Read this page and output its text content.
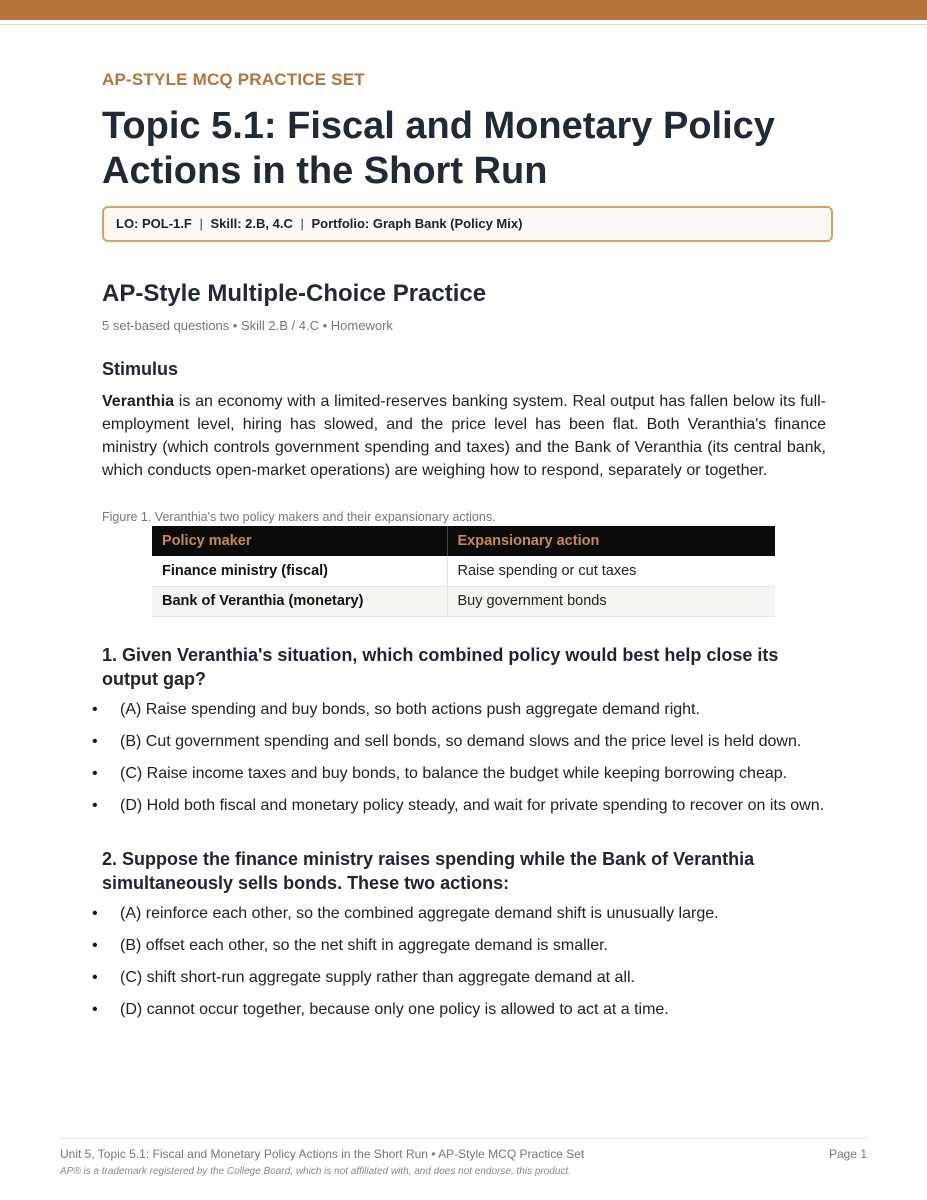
AP-STYLE MCQ PRACTICE SET
Topic 5.1: Fiscal and Monetary Policy Actions in the Short Run
LO: POL-1.F | Skill: 2.B, 4.C | Portfolio: Graph Bank (Policy Mix)
AP-Style Multiple-Choice Practice
5 set-based questions • Skill 2.B / 4.C • Homework
Stimulus

Veranthia is an economy with a limited-reserves banking system. Real output has fallen below its full-employment level, hiring has slowed, and the price level has been flat. Both Veranthia's finance ministry (which controls government spending and taxes) and the Bank of Veranthia (its central bank, which conducts open-market operations) are weighing how to respond, separately or together.

Figure 1. Veranthia's two policy makers and their expansionary actions.
Policy maker	Expansionary action
Finance ministry (fiscal)	Raise spending or cut taxes
Bank of Veranthia (monetary)	Buy government bonds
1. Given Veranthia's situation, which combined policy would best help close its output gap?
• (A) Raise spending and buy bonds, so both actions push aggregate demand right.
• (B) Cut government spending and sell bonds, so demand slows and the price level is held down.
• (C) Raise income taxes and buy bonds, to balance the budget while keeping borrowing cheap.
• (D) Hold both fiscal and monetary policy steady, and wait for private spending to recover on its own.
2. Suppose the finance ministry raises spending while the Bank of Veranthia simultaneously sells bonds. These two actions:
• (A) reinforce each other, so the combined aggregate demand shift is unusually large.
• (B) offset each other, so the net shift in aggregate demand is smaller.
• (C) shift short-run aggregate supply rather than aggregate demand at all.
• (D) cannot occur together, because only one policy is allowed to act at a time.
Unit 5, Topic 5.1: Fiscal and Monetary Policy Actions in the Short Run • AP-Style MCQ Practice Set	Page 1
AP® is a trademark registered by the College Board, which is not affiliated with, and does not endorse, this product.
